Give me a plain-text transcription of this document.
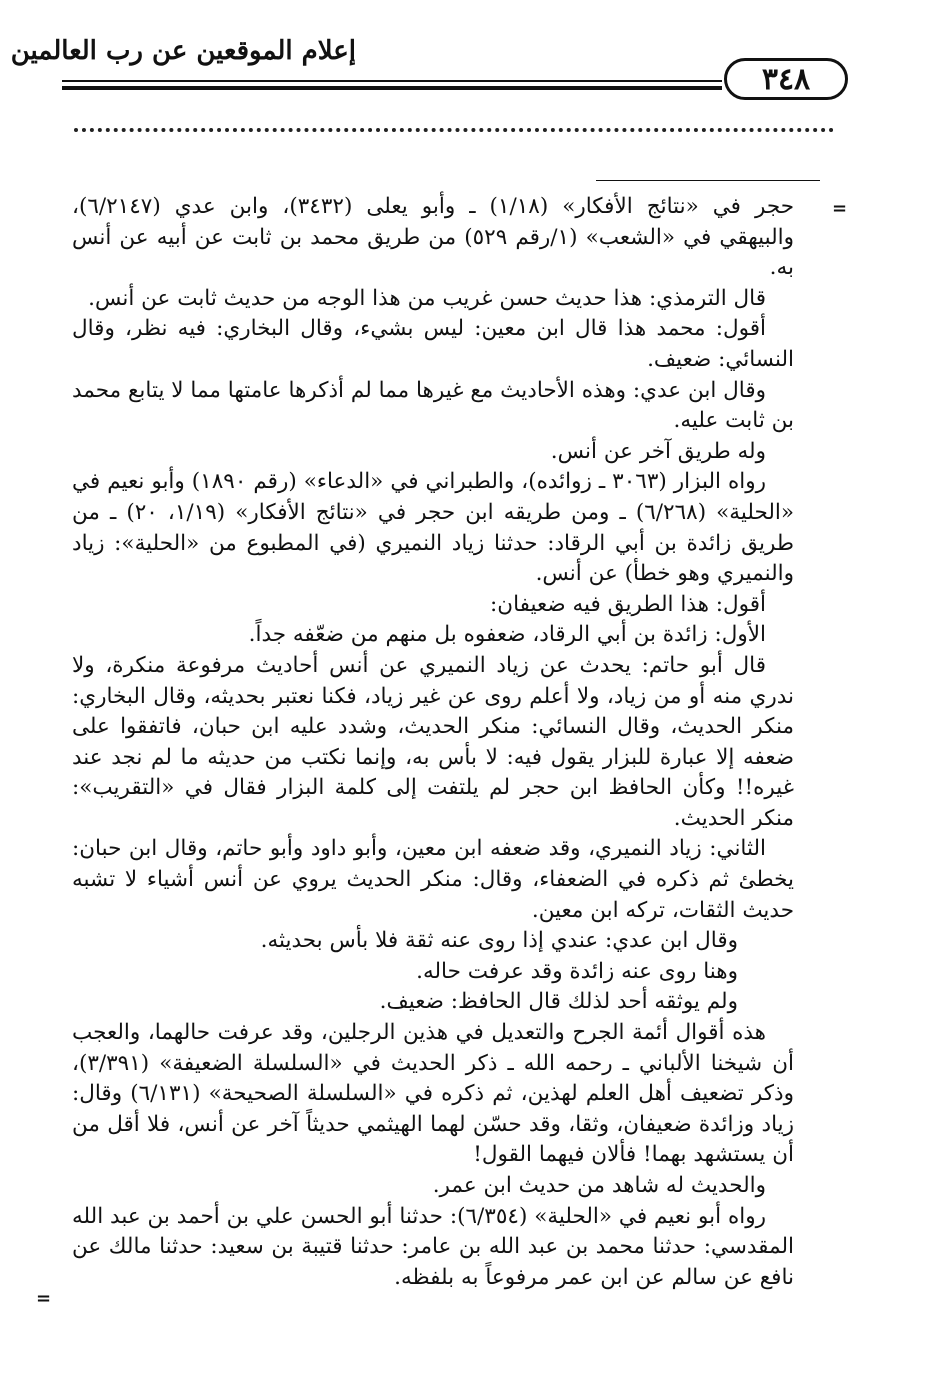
إعلام الموقعين عن رب العالمين
٣٤٨
=
=

حجر في «نتائج الأفكار» (١/١٨) ـ وأبو يعلى (٣٤٣٢)، وابن عدي (٦/٢١٤٧)، والبيهقي في «الشعب» (١/رقم ٥٢٩) من طريق محمد بن ثابت عن أبيه عن أنس به.

قال الترمذي: هذا حديث حسن غريب من هذا الوجه من حديث ثابت عن أنس.

أقول: محمد هذا قال ابن معين: ليس بشيء، وقال البخاري: فيه نظر، وقال النسائي: ضعيف.

وقال ابن عدي: وهذه الأحاديث مع غيرها مما لم أذكرها عامتها مما لا يتابع محمد بن ثابت عليه.

وله طريق آخر عن أنس.

رواه البزار (٣٠٦٣ ـ زوائده)، والطبراني في «الدعاء» (رقم ١٨٩٠) وأبو نعيم في «الحلية» (٦/٢٦٨) ـ ومن طريقه ابن حجر في «نتائج الأفكار» (١/١٩، ٢٠) ـ من طريق زائدة بن أبي الرقاد: حدثنا زياد النميري (في المطبوع من «الحلية»: زياد والنميري وهو خطأ) عن أنس.

أقول: هذا الطريق فيه ضعيفان:

الأول: زائدة بن أبي الرقاد، ضعفوه بل منهم من ضعّفه جداً.

قال أبو حاتم: يحدث عن زياد النميري عن أنس أحاديث مرفوعة منكرة، ولا ندري منه أو من زياد، ولا أعلم روى عن غير زياد، فكنا نعتبر بحديثه، وقال البخاري: منكر الحديث، وقال النسائي: منكر الحديث، وشدد عليه ابن حبان، فاتفقوا على ضعفه إلا عبارة للبزار يقول فيه: لا بأس به، وإنما نكتب من حديثه ما لم نجد عند غيره!! وكأن الحافظ ابن حجر لم يلتفت إلى كلمة البزار فقال في «التقريب»: منكر الحديث.

الثاني: زياد النميري، وقد ضعفه ابن معين، وأبو داود وأبو حاتم، وقال ابن حبان: يخطئ ثم ذكره في الضعفاء، وقال: منكر الحديث يروي عن أنس أشياء لا تشبه حديث الثقات، تركه ابن معين.

وقال ابن عدي: عندي إذا روى عنه ثقة فلا بأس بحديثه.

وهنا روى عنه زائدة وقد عرفت حاله.

ولم يوثقه أحد لذلك قال الحافظ: ضعيف.

هذه أقوال أئمة الجرح والتعديل في هذين الرجلين، وقد عرفت حالهما، والعجب أن شيخنا الألباني ـ رحمه الله ـ ذكر الحديث في «السلسلة الضعيفة» (٣/٣٩١)، وذكر تضعيف أهل العلم لهذين، ثم ذكره في «السلسلة الصحيحة» (٦/١٣١) وقال: زياد وزائدة ضعيفان، وثقا، وقد حسّن لهما الهيثمي حديثاً آخر عن أنس، فلا أقل من أن يستشهد بهما! فألان فيهما القول!

والحديث له شاهد من حديث ابن عمر.

رواه أبو نعيم في «الحلية» (٦/٣٥٤): حدثنا أبو الحسن علي بن أحمد بن عبد الله المقدسي: حدثنا محمد بن عبد الله بن عامر: حدثنا قتيبة بن سعيد: حدثنا مالك عن نافع عن سالم عن ابن عمر مرفوعاً به بلفظه.
